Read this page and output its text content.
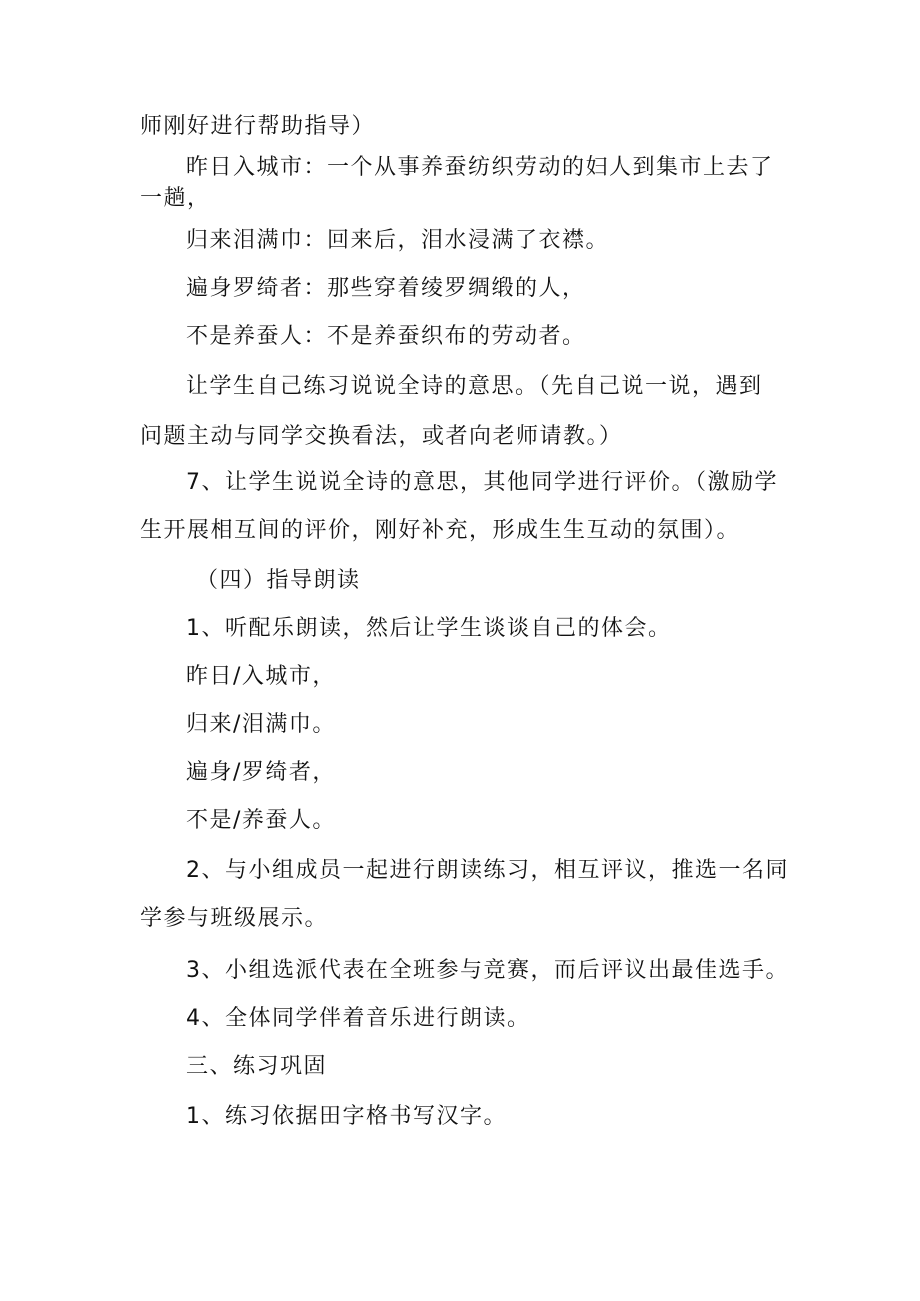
师刚好进行帮助指导）
昨日入城市：一个从事养蚕纺织劳动的妇人到集市上去了
一趟，
归来泪满巾：回来后，泪水浸满了衣襟。
遍身罗绮者：那些穿着绫罗绸缎的人，
不是养蚕人：不是养蚕织布的劳动者。
让学生自己练习说说全诗的意思。（先自己说一说，遇到
问题主动与同学交换看法，或者向老师请教。）
7、让学生说说全诗的意思，其他同学进行评价。（激励学
生开展相互间的评价，刚好补充，形成生生互动的氛围）。
（四）指导朗读
1、听配乐朗读，然后让学生谈谈自己的体会。
昨日/入城市，
归来/泪满巾。
遍身/罗绮者，
不是/养蚕人。
2、与小组成员一起进行朗读练习，相互评议，推选一名同
学参与班级展示。
3、小组选派代表在全班参与竞赛，而后评议出最佳选手。
4、全体同学伴着音乐进行朗读。
三、练习巩固
1、练习依据田字格书写汉字。
